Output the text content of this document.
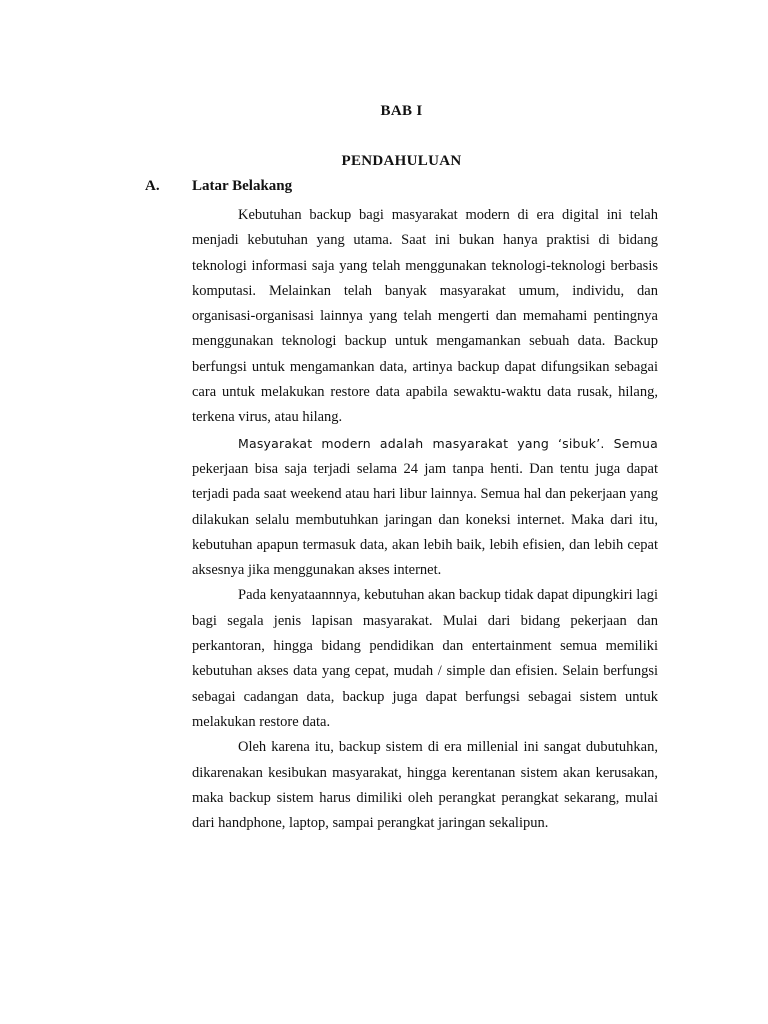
BAB I
PENDAHULUAN
A. Latar Belakang

Kebutuhan backup bagi masyarakat modern di era digital ini telah menjadi kebutuhan yang utama. Saat ini bukan hanya praktisi di bidang teknologi informasi saja yang telah menggunakan teknologi-teknologi berbasis komputasi. Melainkan telah banyak masyarakat umum, individu, dan organisasi-organisasi lainnya yang telah mengerti dan memahami pentingnya menggunakan teknologi backup untuk mengamankan sebuah data. Backup berfungsi untuk mengamankan data, artinya backup dapat difungsikan sebagai cara untuk melakukan restore data apabila sewaktu-waktu data rusak, hilang, terkena virus, atau hilang.

Masyarakat modern adalah masyarakat yang ‘sibuk’. Semua pekerjaan bisa saja terjadi selama 24 jam tanpa henti. Dan tentu juga dapat terjadi pada saat weekend atau hari libur lainnya. Semua hal dan pekerjaan yang dilakukan selalu membutuhkan jaringan dan koneksi internet. Maka dari itu, kebutuhan apapun termasuk data, akan lebih baik, lebih efisien, dan lebih cepat aksesnya jika menggunakan akses internet.

Pada kenyataannnya, kebutuhan akan backup tidak dapat dipungkiri lagi bagi segala jenis lapisan masyarakat. Mulai dari bidang pekerjaan dan perkantoran, hingga bidang pendidikan dan entertainment semua memiliki kebutuhan akses data yang cepat, mudah / simple dan efisien. Selain berfungsi sebagai cadangan data, backup juga dapat berfungsi sebagai sistem untuk melakukan restore data.

Oleh karena itu, backup sistem di era millenial ini sangat dubutuhkan, dikarenakan kesibukan masyarakat, hingga kerentanan sistem akan kerusakan, maka backup sistem harus dimiliki oleh perangkat perangkat sekarang, mulai dari handphone, laptop, sampai perangkat jaringan sekalipun.
